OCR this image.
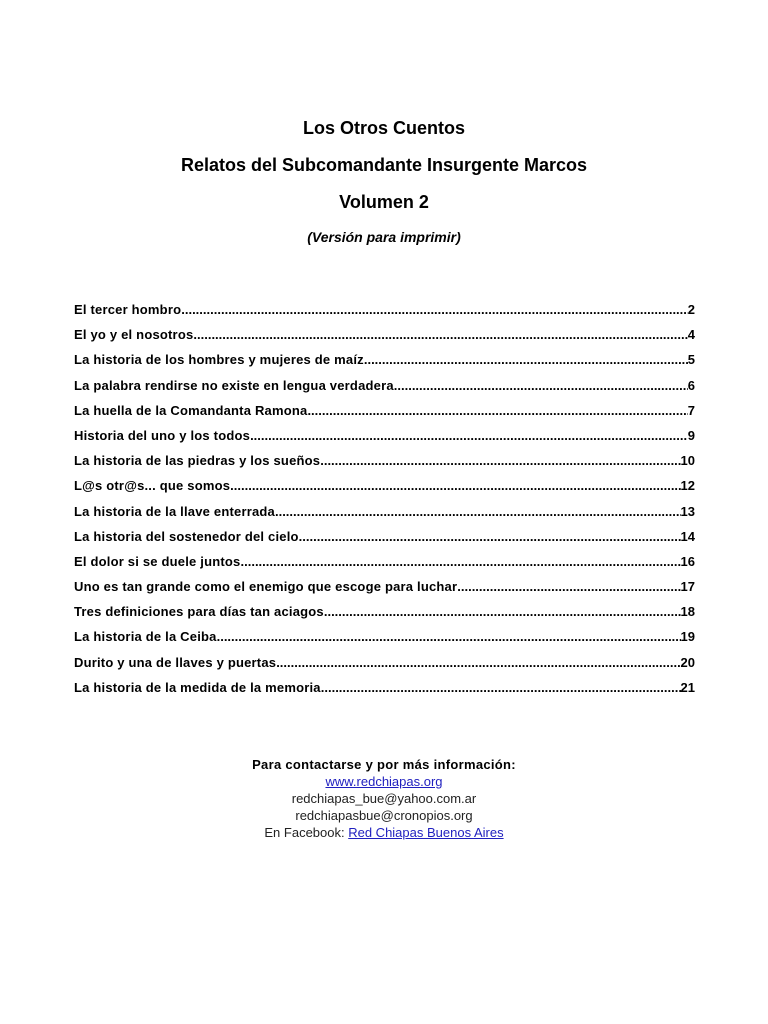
Los Otros Cuentos
Relatos del Subcomandante Insurgente Marcos
Volumen 2
(Versión para imprimir)
El tercer hombro .....	2
El yo y el nosotros .....	4
La historia de los hombres y mujeres de maíz .....	5
La palabra rendirse no existe en lengua verdadera .....	6
La huella de la Comandanta Ramona .....	7
Historia del uno y los todos .....	9
La historia de las piedras y los sueños .....	10
L@s otr@s... que somos .....	12
La historia de la llave enterrada .....	13
La historia del sostenedor del cielo .....	14
El dolor si se duele juntos .....	16
Uno es tan grande como el enemigo que escoge para luchar .....	17
Tres definiciones para días tan aciagos .....	18
La historia de la Ceiba .....	19
Durito y una de llaves y puertas .....	20
La historia de la medida de la memoria .....	21
Para contactarse y por más información:
www.redchiapas.org
redchiapas_bue@yahoo.com.ar
redchiapasbue@cronopios.org
En Facebook: Red Chiapas Buenos Aires
